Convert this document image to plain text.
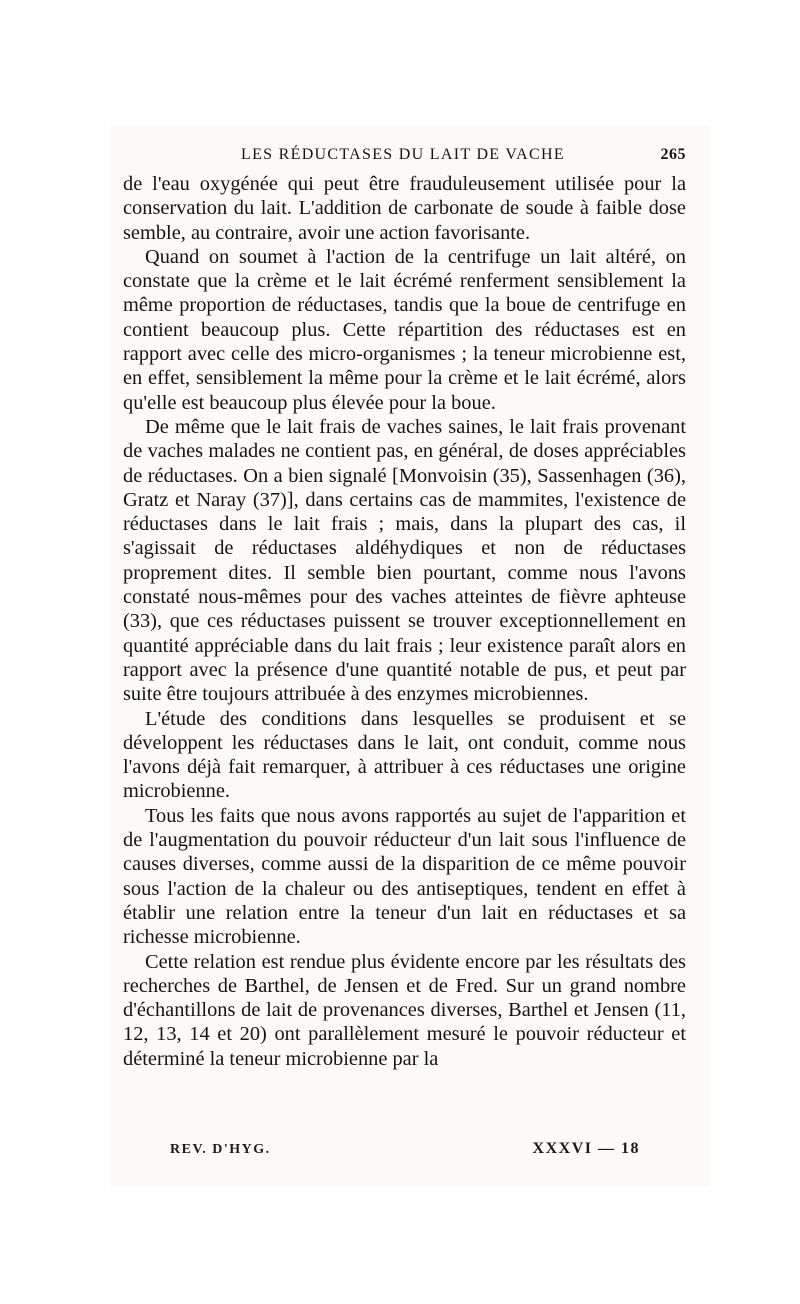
LES RÉDUCTASES DU LAIT DE VACHE	265

de l'eau oxygénée qui peut être frauduleusement utilisée pour la conservation du lait. L'addition de carbonate de soude à faible dose semble, au contraire, avoir une action favorisante.

Quand on soumet à l'action de la centrifuge un lait altéré, on constate que la crème et le lait écrémé renferment sensiblement la même proportion de réductases, tandis que la boue de centrifuge en contient beaucoup plus. Cette répartition des réductases est en rapport avec celle des micro-organismes ; la teneur microbienne est, en effet, sensiblement la même pour la crème et le lait écrémé, alors qu'elle est beaucoup plus élevée pour la boue.

De même que le lait frais de vaches saines, le lait frais provenant de vaches malades ne contient pas, en général, de doses appréciables de réductases. On a bien signalé [Monvoisin (35), Sassenhagen (36), Gratz et Naray (37)], dans certains cas de mammites, l'existence de réductases dans le lait frais ; mais, dans la plupart des cas, il s'agissait de réductases aldéhydiques et non de réductases proprement dites. Il semble bien pourtant, comme nous l'avons constaté nous-mêmes pour des vaches atteintes de fièvre aphteuse (33), que ces réductases puissent se trouver exceptionnellement en quantité appréciable dans du lait frais ; leur existence paraît alors en rapport avec la présence d'une quantité notable de pus, et peut par suite être toujours attribuée à des enzymes microbiennes.

L'étude des conditions dans lesquelles se produisent et se développent les réductases dans le lait, ont conduit, comme nous l'avons déjà fait remarquer, à attribuer à ces réductases une origine microbienne.

Tous les faits que nous avons rapportés au sujet de l'apparition et de l'augmentation du pouvoir réducteur d'un lait sous l'influence de causes diverses, comme aussi de la disparition de ce même pouvoir sous l'action de la chaleur ou des antiseptiques, tendent en effet à établir une relation entre la teneur d'un lait en réductases et sa richesse microbienne.

Cette relation est rendue plus évidente encore par les résultats des recherches de Barthel, de Jensen et de Fred. Sur un grand nombre d'échantillons de lait de provenances diverses, Barthel et Jensen (11, 12, 13, 14 et 20) ont parallèlement mesuré le pouvoir réducteur et déterminé la teneur microbienne par la

REV. D'HYG.	XXXVI — 18
